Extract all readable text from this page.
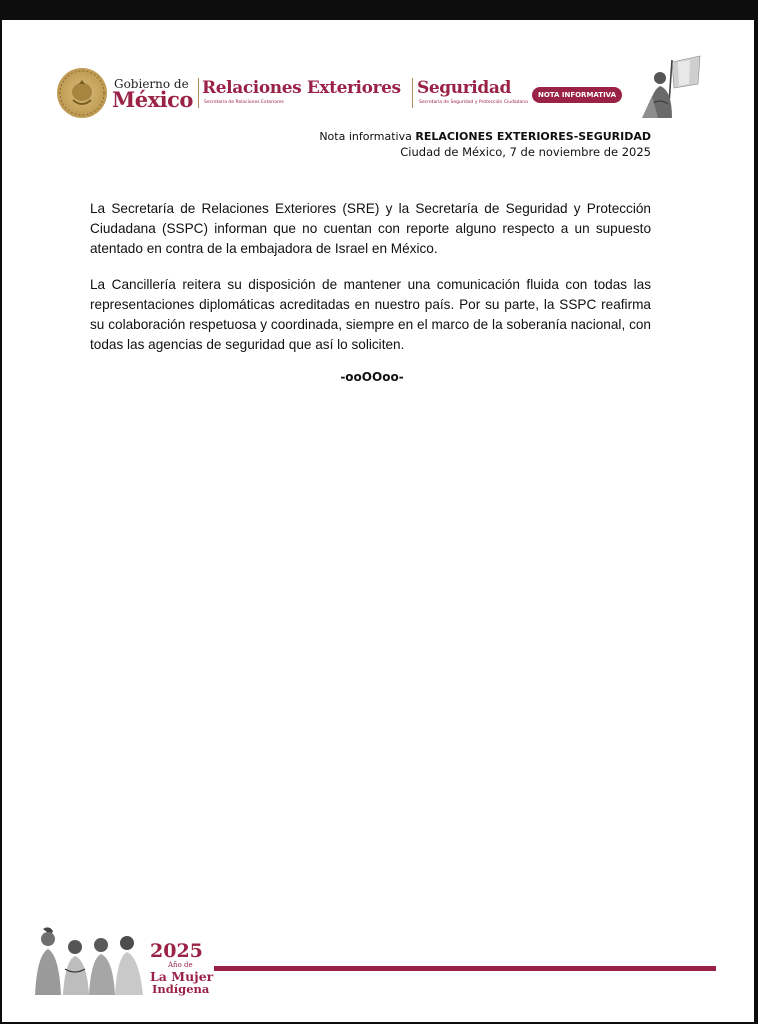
Gobierno de
México Relaciones Exteriores
Secretaría de Relaciones Exteriores
Seguridad
Secretaría de Seguridad y Protección Ciudadana
NOTA INFORMATIVA
Nota informativa RELACIONES EXTERIORES-SEGURIDAD
Ciudad de México, 7 de noviembre de 2025
La Secretaría de Relaciones Exteriores (SRE) y la Secretaría de Seguridad y Protección Ciudadana (SSPC) informan que no cuentan con reporte alguno respecto a un supuesto atentado en contra de la embajadora de Israel en México.
La Cancillería reitera su disposición de mantener una comunicación fluida con todas las representaciones diplomáticas acreditadas en nuestro país. Por su parte, la SSPC reafirma su colaboración respetuosa y coordinada, siempre en el marco de la soberanía nacional, con todas las agencias de seguridad que así lo soliciten.
-ooOOoo-
2025
Año de
La Mujer
Indígena
